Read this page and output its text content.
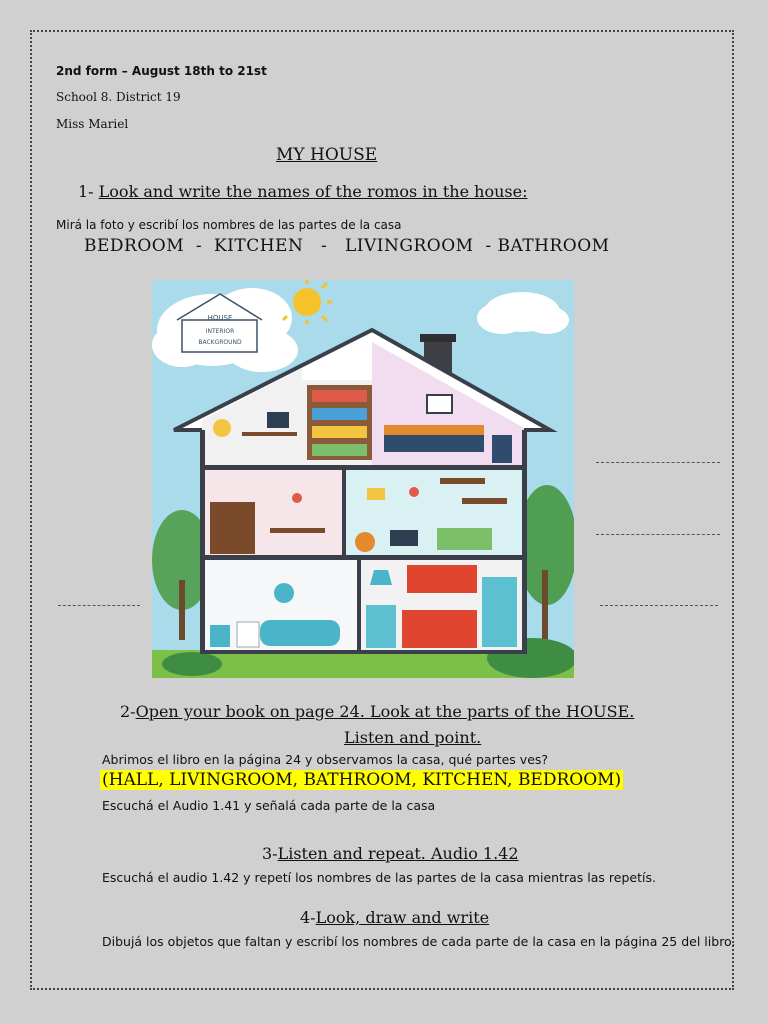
2nd form – August 18th to 21st
School 8. District 19
Miss Mariel
MY HOUSE
1- Look and write the names of the romos in the house:
Mirá la foto y escribí los nombres de las partes de la casa
BEDROOM  -  KITCHEN   -   LIVINGROOM  - BATHROOM
HOUSE
INTERIOR
BACKGROUND
2-Open your book on page 24. Look at the parts of the HOUSE.
Listen and point.
Abrimos el libro en la página 24 y observamos la casa, qué partes ves?
(HALL, LIVINGROOM, BATHROOM, KITCHEN, BEDROOM)
Escuchá el Audio 1.41 y señalá cada parte de la casa
3-Listen and repeat. Audio 1.42
Escuchá el audio 1.42 y repetí los nombres de las partes de la casa mientras las repetís.
4-Look, draw and write
Dibujá los objetos que faltan y escribí los nombres de cada parte de la casa en la página 25 del libro.
